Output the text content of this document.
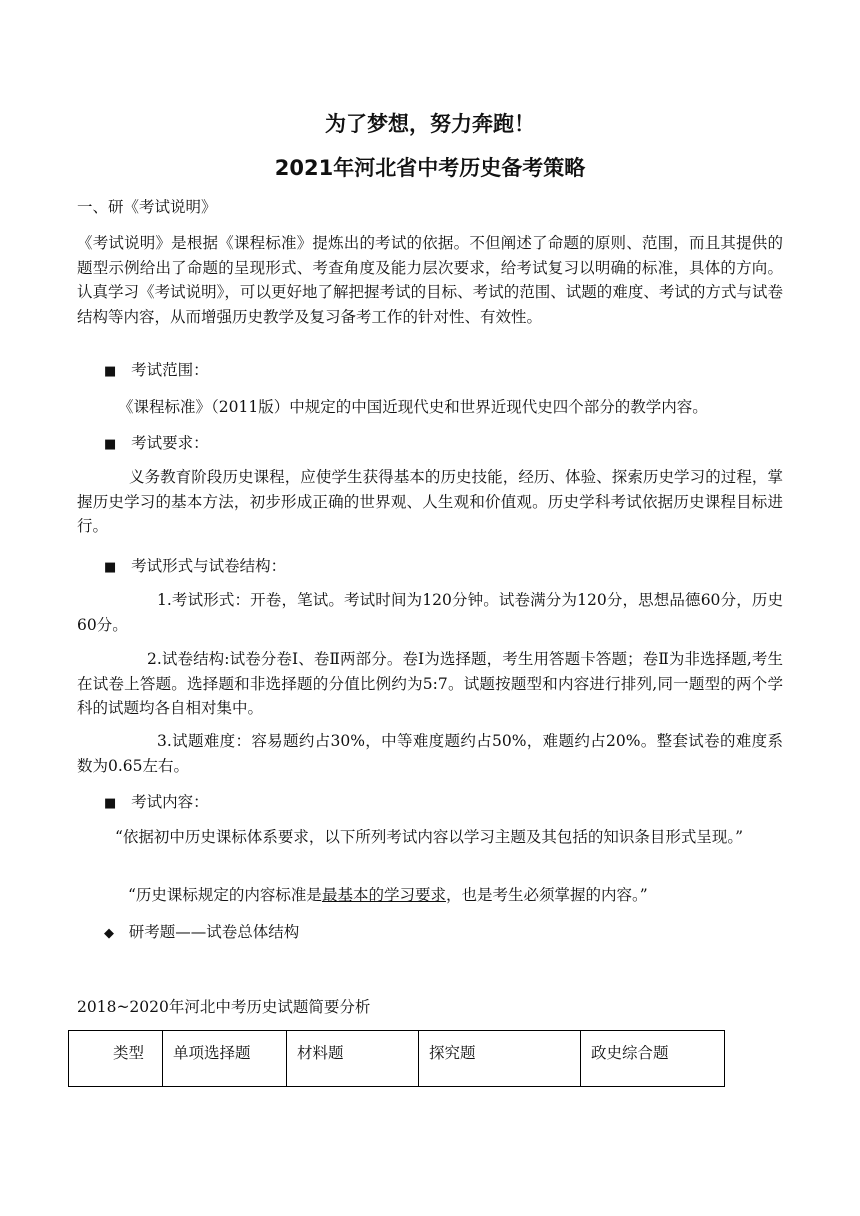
为了梦想，努力奔跑！
2021年河北省中考历史备考策略
一、研《考试说明》
《考试说明》是根据《课程标准》提炼出的考试的依据。不但阐述了命题的原则、范围，而且其提供的题型示例给出了命题的呈现形式、考查角度及能力层次要求，给考试复习以明确的标准，具体的方向。认真学习《考试说明》，可以更好地了解把握考试的目标、考试的范围、试题的难度、考试的方式与试卷结构等内容，从而增强历史教学及复习备考工作的针对性、有效性。
■ 考试范围：
《课程标准》（2011版）中规定的中国近现代史和世界近现代史四个部分的教学内容。
■ 考试要求：
义务教育阶段历史课程，应使学生获得基本的历史技能，经历、体验、探索历史学习的过程，掌握历史学习的基本方法，初步形成正确的世界观、人生观和价值观。历史学科考试依据历史课程目标进行。
■ 考试形式与试卷结构：
1.考试形式：开卷，笔试。考试时间为120分钟。试卷满分为120分，思想品德60分，历史60分。
2.试卷结构:试卷分卷Ⅰ、卷Ⅱ两部分。卷Ⅰ为选择题，考生用答题卡答题；卷Ⅱ为非选择题,考生在试卷上答题。选择题和非选择题的分值比例约为5:7。试题按题型和内容进行排列,同一题型的两个学科的试题均各自相对集中。
3.试题难度：容易题约占30%，中等难度题约占50%，难题约占20%。整套试卷的难度系数为0.65左右。
■ 考试内容：
“依据初中历史课标体系要求，以下所列考试内容以学习主题及其包括的知识条目形式呈现。”
“历史课标规定的内容标准是最基本的学习要求，也是考生必须掌握的内容。”
◆ 研考题——试卷总体结构
2018~2020年河北中考历史试题简要分析
类型	单项选择题	材料题	探究题	政史综合题
